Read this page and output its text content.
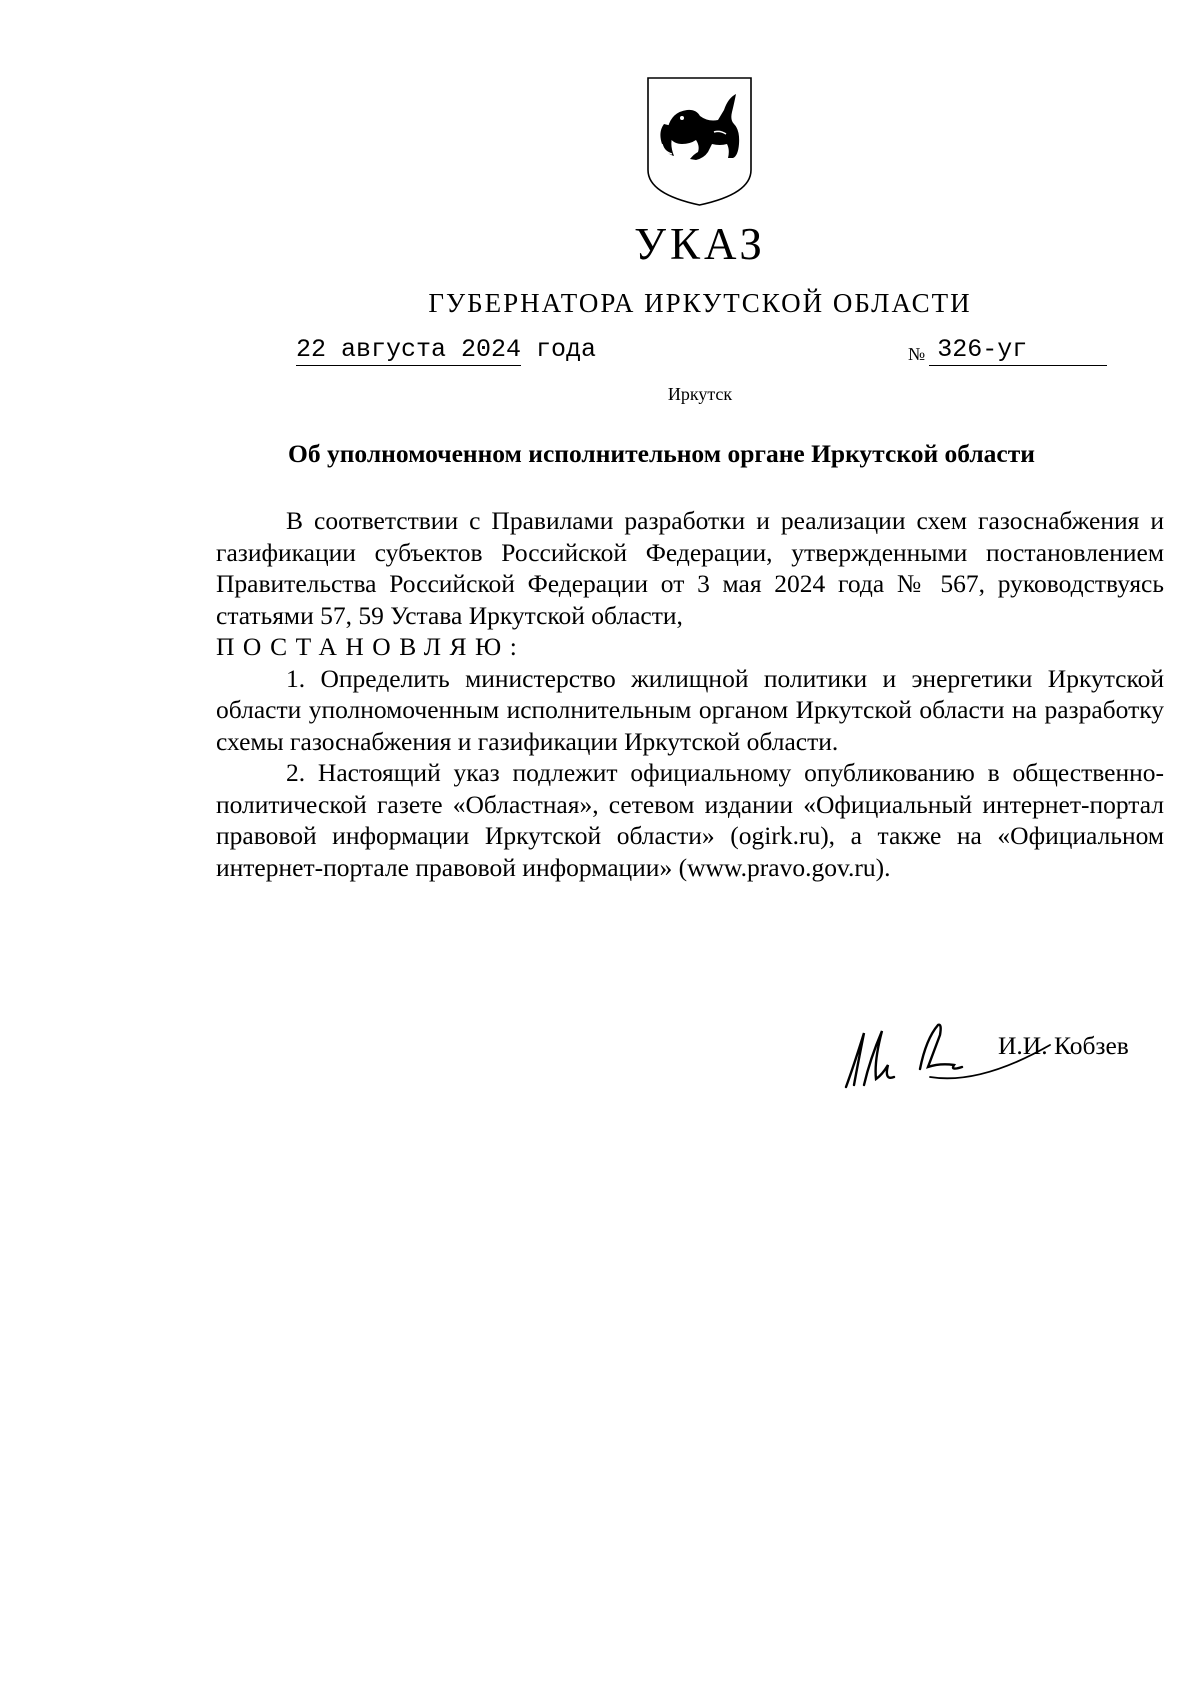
УКАЗ
ГУБЕРНАТОРА ИРКУТСКОЙ ОБЛАСТИ
22 августа 2024 года	№ 326-уг
Иркутск
Об уполномоченном исполнительном органе Иркутской области

В соответствии с Правилами разработки и реализации схем газоснабжения и газификации субъектов Российской Федерации, утвержденными постановлением Правительства Российской Федерации от 3 мая 2024 года № 567, руководствуясь статьями 57, 59 Устава Иркутской области,

ПОСТАНОВЛЯЮ:

1. Определить министерство жилищной политики и энергетики Иркутской области уполномоченным исполнительным органом Иркутской области на разработку схемы газоснабжения и газификации Иркутской области.

2. Настоящий указ подлежит официальному опубликованию в общественно-политической газете «Областная», сетевом издании «Официальный интернет-портал правовой информации Иркутской области» (ogirk.ru), а также на «Официальном интернет-портале правовой информации» (www.pravo.gov.ru).

И.И. Кобзев
